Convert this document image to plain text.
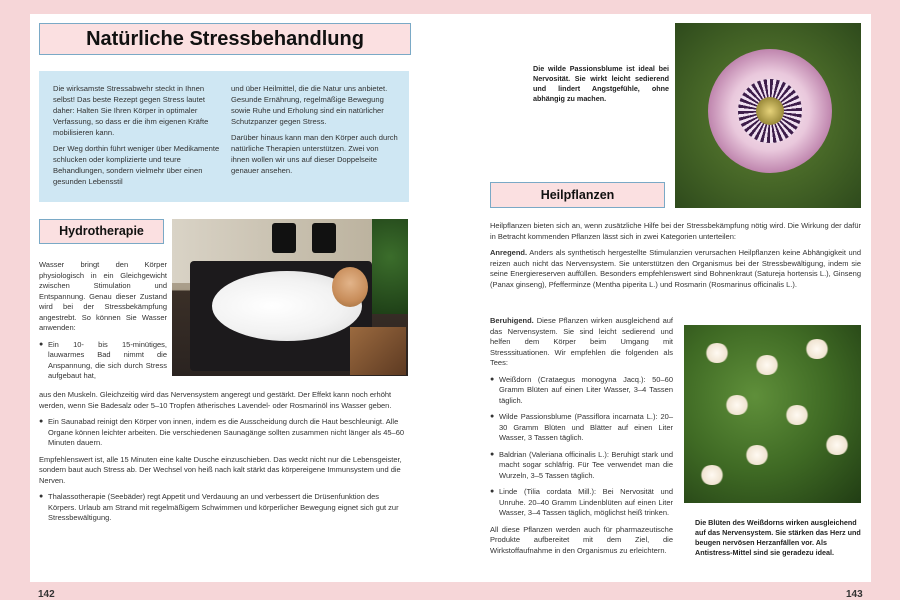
Natürliche Stressbehandlung

Die wirksamste Stressabwehr steckt in Ihnen selbst! Das beste Rezept gegen Stress lautet daher: Halten Sie Ihren Körper in optimaler Verfassung, so dass er die ihm eigenen Kräfte mobilisieren kann.

Der Weg dorthin führt weniger über Medikamente schlucken oder komplizierte und teure Behandlungen, sondern vielmehr über einen gesunden Lebensstil

und über Heilmittel, die die Natur uns anbietet. Gesunde Ernährung, regelmäßige Bewegung sowie Ruhe und Erholung sind ein natürlicher Schutzpanzer gegen Stress.

Darüber hinaus kann man den Körper auch durch natürliche Therapien unterstützen. Zwei von ihnen wollen wir uns auf dieser Doppelseite genauer ansehen.

Hydrotherapie

Wasser bringt den Körper physiologisch in ein Gleichgewicht zwischen Stimulation und Entspannung. Genau dieser Zustand wird bei der Stressbekämpfung angestrebt. So können Sie Wasser anwenden:

● Ein 10- bis 15-minütiges, lauwarmes Bad nimmt die Anspannung, die sich durch Stress aufgebaut hat,

aus den Muskeln. Gleichzeitig wird das Nervensystem angeregt und gestärkt. Der Effekt kann noch erhöht werden, wenn Sie Badesalz oder 5–10 Tropfen ätherisches Lavendel- oder Rosmarinöl ins Wasser geben.

● Ein Saunabad reinigt den Körper von innen, indem es die Ausscheidung durch die Haut beschleunigt. Alle Organe können leichter arbeiten. Die verschiedenen Saunagänge sollten zusammen nicht länger als 45–60 Minuten dauern.

Empfehlenswert ist, alle 15 Minuten eine kalte Dusche einzuschieben. Das weckt nicht nur die Lebensgeister, sondern baut auch Stress ab. Der Wechsel von heiß nach kalt stärkt das körpereigene Immunsystem und die Nerven.

● Thalassotherapie (Seebäder) regt Appetit und Verdauung an und verbessert die Drüsenfunktion des Körpers. Urlaub am Strand mit regelmäßigem Schwimmen und körperlicher Bewegung eignet sich gut zur Stressbewältigung.

142
Die wilde Passionsblume ist ideal bei Nervosität. Sie wirkt leicht sedierend und lindert Angstgefühle, ohne abhängig zu machen.
Heilpflanzen

Heilpflanzen bieten sich an, wenn zusätzliche Hilfe bei der Stressbekämpfung nötig wird. Die Wirkung der dafür in Betracht kommenden Pflanzen lässt sich in zwei Kategorien unterteilen:

Anregend. Anders als synthetisch hergestellte Stimulanzien verursachen Heilpflanzen keine Abhängigkeit und reizen auch nicht das Nervensystem. Sie unterstützen den Organismus bei der Stressbewältigung, indem sie seine Energiereserven auffüllen. Besonders empfehlenswert sind Bohnenkraut (Satureja hortensis L.), Ginseng (Panax ginseng), Pfefferminze (Mentha piperita L.) und Rosmarin (Rosmarinus officinalis L.).

Beruhigend. Diese Pflanzen wirken ausgleichend auf das Nervensystem. Sie sind leicht sedierend und helfen dem Körper beim Umgang mit Stresssituationen. Wir empfehlen die folgenden als Tees:

● Weißdorn (Crataegus monogyna Jacq.): 50–60 Gramm Blüten auf einen Liter Wasser, 3–4 Tassen täglich.

● Wilde Passionsblume (Passiflora incarnata L.): 20–30 Gramm Blüten und Blätter auf einen Liter Wasser, 3 Tassen täglich.

● Baldrian (Valeriana officinalis L.): Beruhigt stark und macht sogar schläfrig. Für Tee verwendet man die Wurzeln, 3–5 Tassen täglich.

● Linde (Tilia cordata Mill.): Bei Nervosität und Unruhe. 20–40 Gramm Lindenblüten auf einen Liter Wasser, 3–4 Tassen täglich, möglichst heiß trinken.

All diese Pflanzen werden auch für pharmazeutische Produkte aufbereitet mit dem Ziel, die Wirkstoffaufnahme in den Organismus zu erleichtern.

Die Blüten des Weißdorns wirken ausgleichend auf das Nervensystem. Sie stärken das Herz und beugen nervösen Herzanfällen vor. Als Antistress-Mittel sind sie geradezu ideal.
143
